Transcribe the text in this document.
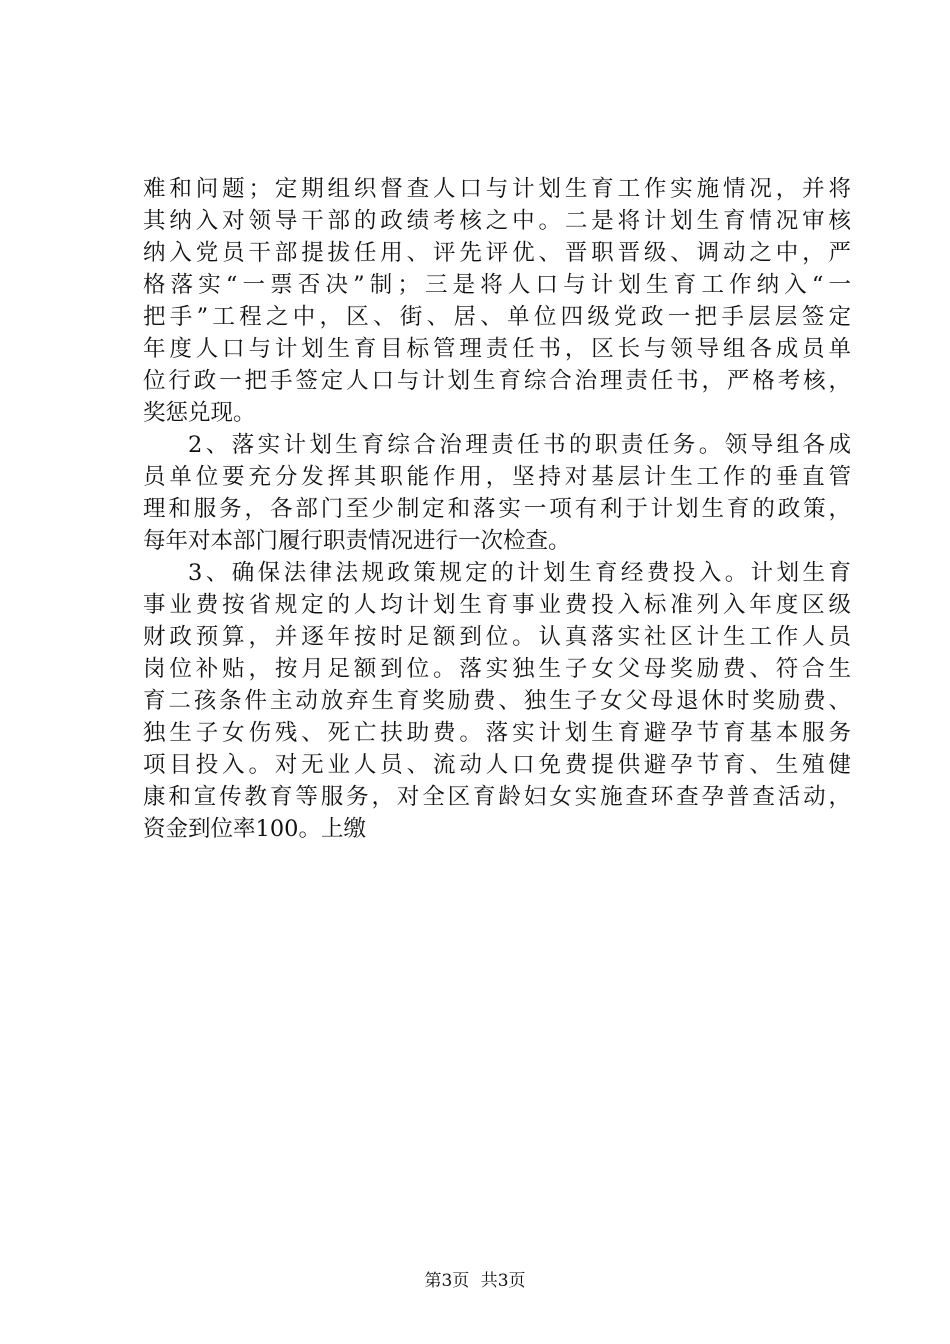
难和问题；定期组织督查人口与计划生育工作实施情况，并将
其纳入对领导干部的政绩考核之中。二是将计划生育情况审核
纳入党员干部提拔任用、评先评优、晋职晋级、调动之中，严
格落实“一票否决”制；三是将人口与计划生育工作纳入“一
把手”工程之中，区、街、居、单位四级党政一把手层层签定
年度人口与计划生育目标管理责任书，区长与领导组各成员单
位行政一把手签定人口与计划生育综合治理责任书，严格考核，
奖惩兑现。
2、落实计划生育综合治理责任书的职责任务。领导组各成
员单位要充分发挥其职能作用，坚持对基层计生工作的垂直管
理和服务，各部门至少制定和落实一项有利于计划生育的政策，
每年对本部门履行职责情况进行一次检查。
3、确保法律法规政策规定的计划生育经费投入。计划生育
事业费按省规定的人均计划生育事业费投入标准列入年度区级
财政预算，并逐年按时足额到位。认真落实社区计生工作人员
岗位补贴，按月足额到位。落实独生子女父母奖励费、符合生
育二孩条件主动放弃生育奖励费、独生子女父母退休时奖励费、
独生子女伤残、死亡扶助费。落实计划生育避孕节育基本服务
项目投入。对无业人员、流动人口免费提供避孕节育、生殖健
康和宣传教育等服务，对全区育龄妇女实施查环查孕普查活动，
资金到位率100。上缴
第3页 共3页
